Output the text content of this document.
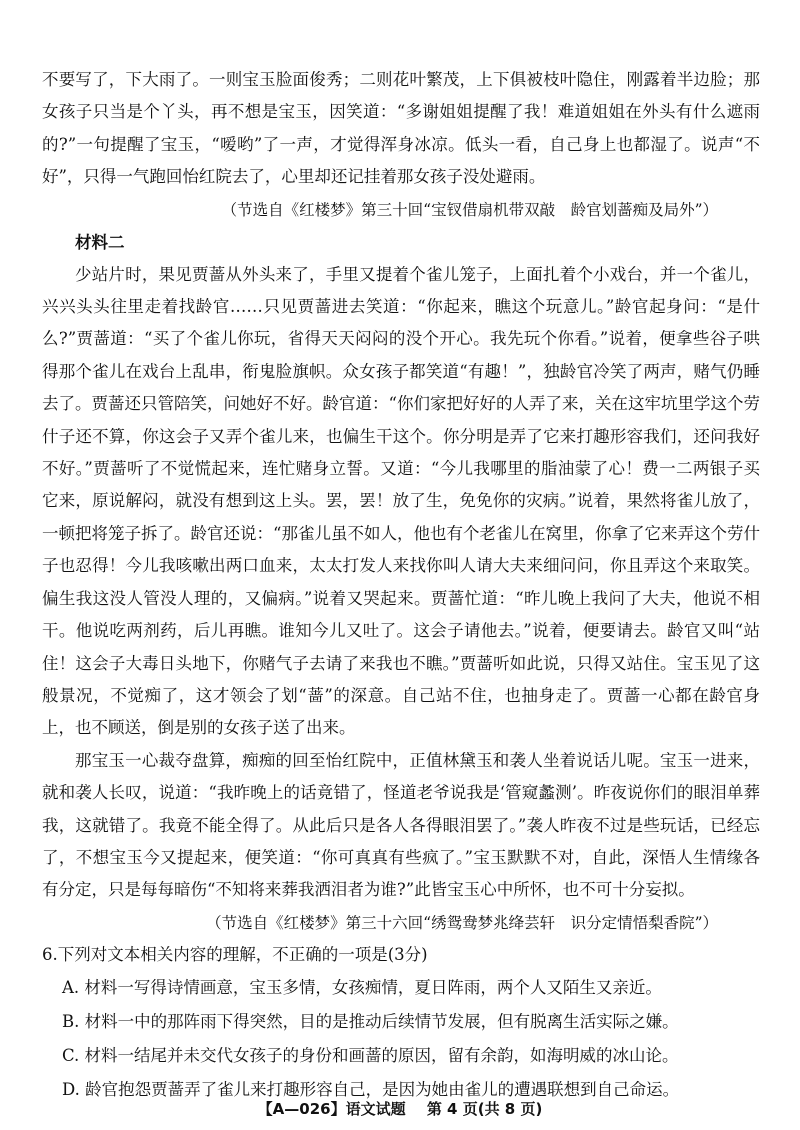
不要写了，下大雨了。一则宝玉脸面俊秀；二则花叶繁茂，上下俱被枝叶隐住，刚露着半边脸；那女孩子只当是个丫头，再不想是宝玉，因笑道：“多谢姐姐提醒了我！难道姐姐在外头有什么遮雨的?”一句提醒了宝玉，“嗳哟”了一声，才觉得浑身冰凉。低头一看，自己身上也都湿了。说声“不好”，只得一气跑回怡红院去了，心里却还记挂着那女孩子没处避雨。

（节选自《红楼梦》第三十回“宝钗借扇机带双敲　龄官划蔷痴及局外”）

材料二

少站片时，果见贾蔷从外头来了，手里又提着个雀儿笼子，上面扎着个小戏台，并一个雀儿，兴兴头头往里走着找龄官……只见贾蔷进去笑道：“你起来，瞧这个玩意儿。”龄官起身问：“是什么?”贾蔷道：“买了个雀儿你玩，省得天天闷闷的没个开心。我先玩个你看。”说着，便拿些谷子哄得那个雀儿在戏台上乱串，衔鬼脸旗帜。众女孩子都笑道“有趣！”，独龄官冷笑了两声，赌气仍睡去了。贾蔷还只管陪笑，问她好不好。龄官道：“你们家把好好的人弄了来，关在这牢坑里学这个劳什子还不算，你这会子又弄个雀儿来，也偏生干这个。你分明是弄了它来打趣形容我们，还问我好不好。”贾蔷听了不觉慌起来，连忙赌身立誓。又道：“今儿我哪里的脂油蒙了心！费一二两银子买它来，原说解闷，就没有想到这上头。罢，罢！放了生，免免你的灾病。”说着，果然将雀儿放了，一顿把将笼子拆了。龄官还说：“那雀儿虽不如人，他也有个老雀儿在窝里，你拿了它来弄这个劳什子也忍得！今儿我咳嗽出两口血来，太太打发人来找你叫人请大夫来细问问，你且弄这个来取笑。偏生我这没人管没人理的，又偏病。”说着又哭起来。贾蔷忙道：“昨儿晚上我问了大夫，他说不相干。他说吃两剂药，后儿再瞧。谁知今儿又吐了。这会子请他去。”说着，便要请去。龄官又叫“站住！这会子大毒日头地下，你赌气子去请了来我也不瞧。”贾蔷听如此说，只得又站住。宝玉见了这般景况，不觉痴了，这才领会了划“蔷”的深意。自己站不住，也抽身走了。贾蔷一心都在龄官身上，也不顾送，倒是别的女孩子送了出来。

那宝玉一心裁夺盘算，痴痴的回至怡红院中，正值林黛玉和袭人坐着说话儿呢。宝玉一进来，就和袭人长叹，说道：“我昨晚上的话竟错了，怪道老爷说我是‘管窥蠡测’。昨夜说你们的眼泪单葬我，这就错了。我竟不能全得了。从此后只是各人各得眼泪罢了。”袭人昨夜不过是些玩话，已经忘了，不想宝玉今又提起来，便笑道：“你可真真有些疯了。”宝玉默默不对，自此，深悟人生情缘各有分定，只是每每暗伤“不知将来葬我洒泪者为谁?”此皆宝玉心中所怀，也不可十分妄拟。

（节选自《红楼梦》第三十六回“绣鸳鸯梦兆绛芸轩　识分定情悟梨香院”）

6.下列对文本相关内容的理解，不正确的一项是(3分)
A. 材料一写得诗情画意，宝玉多情，女孩痴情，夏日阵雨，两个人又陌生又亲近。
B. 材料一中的那阵雨下得突然，目的是推动后续情节发展，但有脱离生活实际之嫌。
C. 材料一结尾并未交代女孩子的身份和画蔷的原因，留有余韵，如海明威的冰山论。
D. 龄官抱怨贾蔷弄了雀儿来打趣形容自己，是因为她由雀儿的遭遇联想到自己命运。
【A—026】语文试题 第 4 页(共 8 页)
